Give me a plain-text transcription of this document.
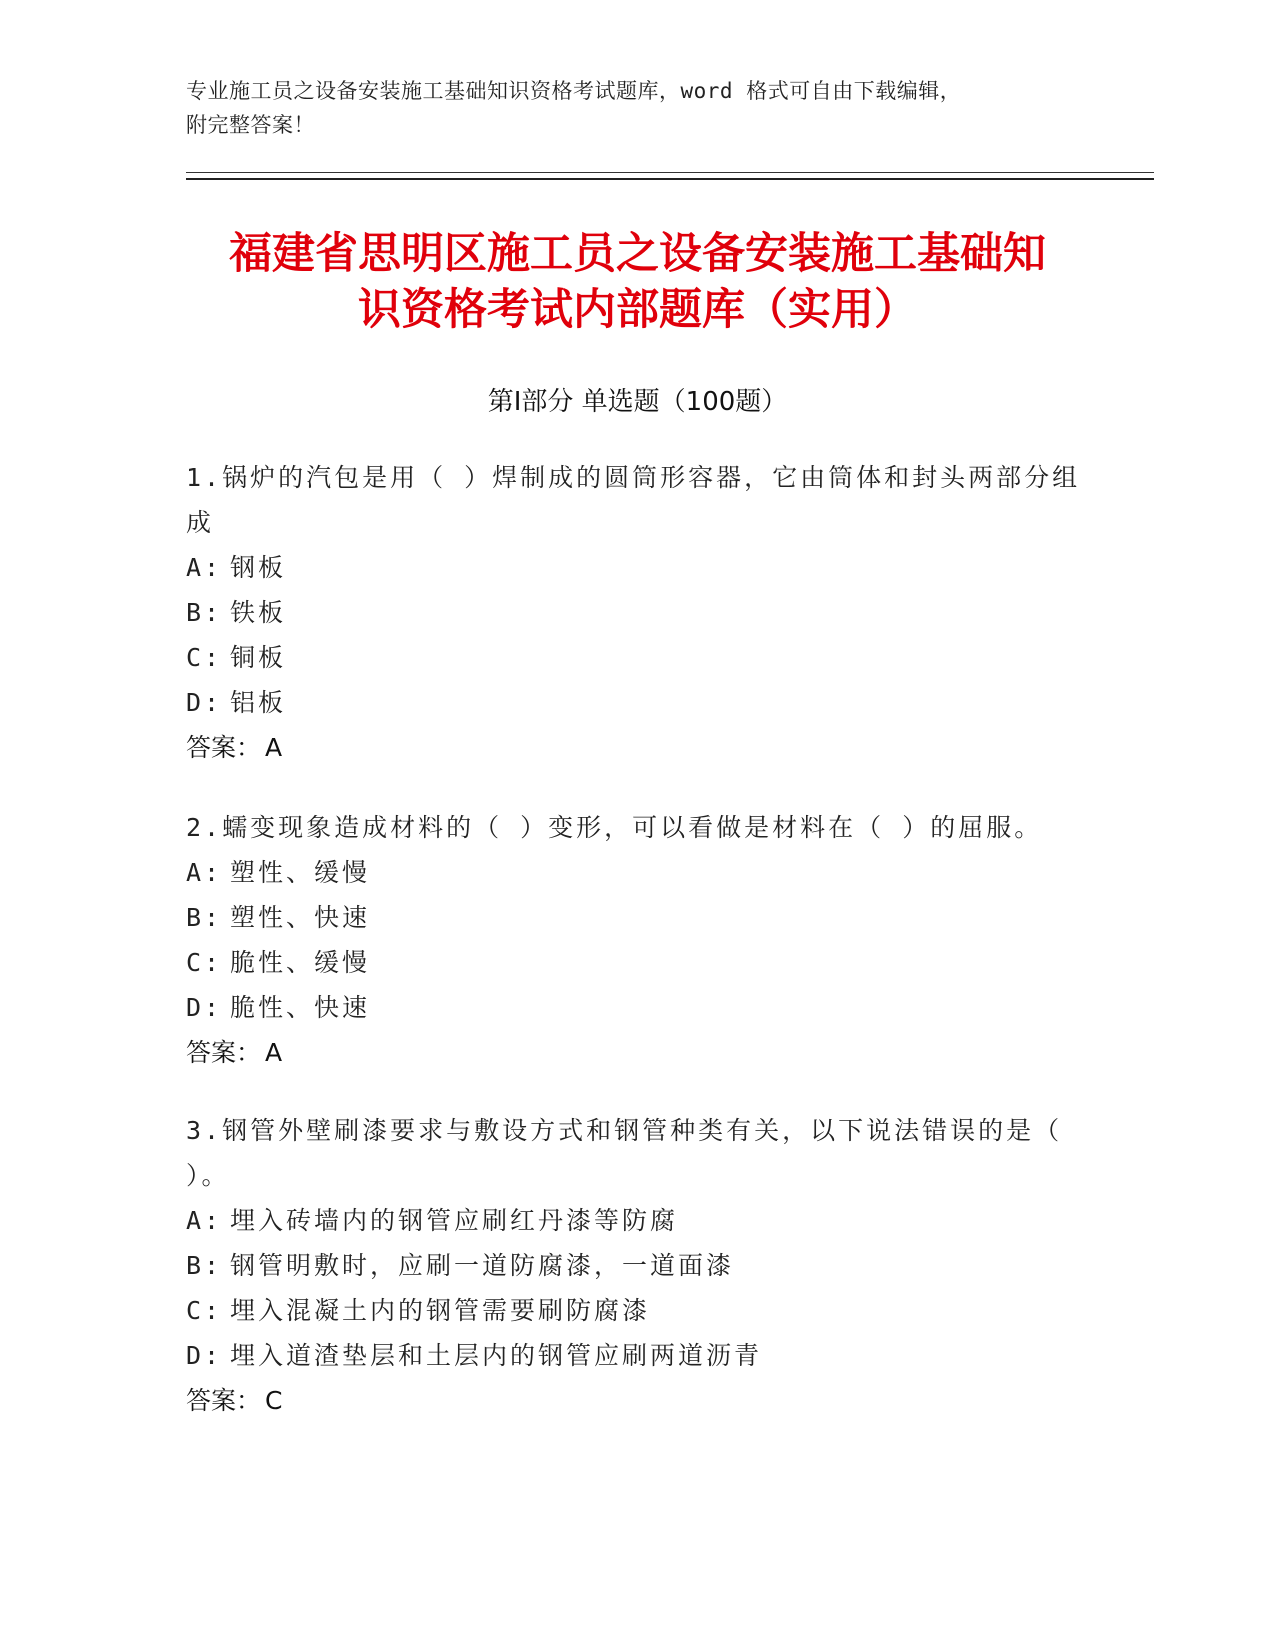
专业施工员之设备安装施工基础知识资格考试题库，word 格式可自由下载编辑，
附完整答案！
福建省思明区施工员之设备安装施工基础知
识资格考试内部题库（实用）
第Ⅰ部分 单选题（100题）
1.锅炉的汽包是用（ ）焊制成的圆筒形容器，它由筒体和封头两部分组成
A: 钢板
B: 铁板
C: 铜板
D: 铝板
答案： A
2.蠕变现象造成材料的（ ）变形，可以看做是材料在（ ）的屈服。
A: 塑性、缓慢
B: 塑性、快速
C: 脆性、缓慢
D: 脆性、快速
答案： A
3.钢管外壁刷漆要求与敷设方式和钢管种类有关，以下说法错误的是（ ）。
A: 埋入砖墙内的钢管应刷红丹漆等防腐
B: 钢管明敷时，应刷一道防腐漆，一道面漆
C: 埋入混凝土内的钢管需要刷防腐漆
D: 埋入道渣垫层和土层内的钢管应刷两道沥青
答案： C
